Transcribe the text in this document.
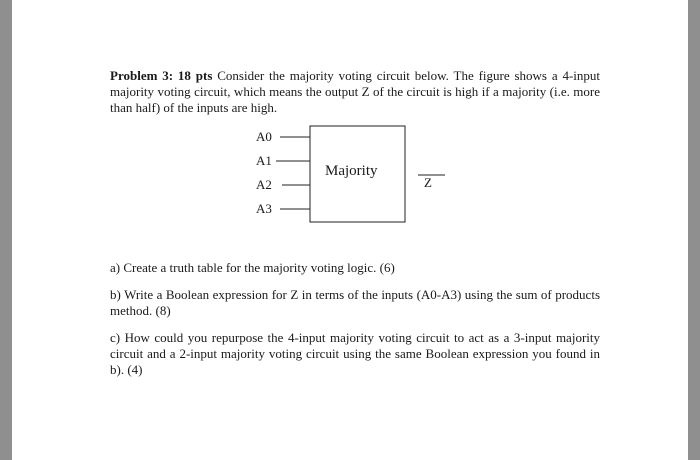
Problem 3: 18 pts Consider the majority voting circuit below. The figure shows a 4-input majority voting circuit, which means the output Z of the circuit is high if a majority (i.e. more than half) of the inputs are high.

A0
A1
A2
A3
Majority
Z

a) Create a truth table for the majority voting logic. (6)

b) Write a Boolean expression for Z in terms of the inputs (A0-A3) using the sum of products method. (8)

c) How could you repurpose the 4-input majority voting circuit to act as a 3-input majority circuit and a 2-input majority voting circuit using the same Boolean expression you found in b). (4)
